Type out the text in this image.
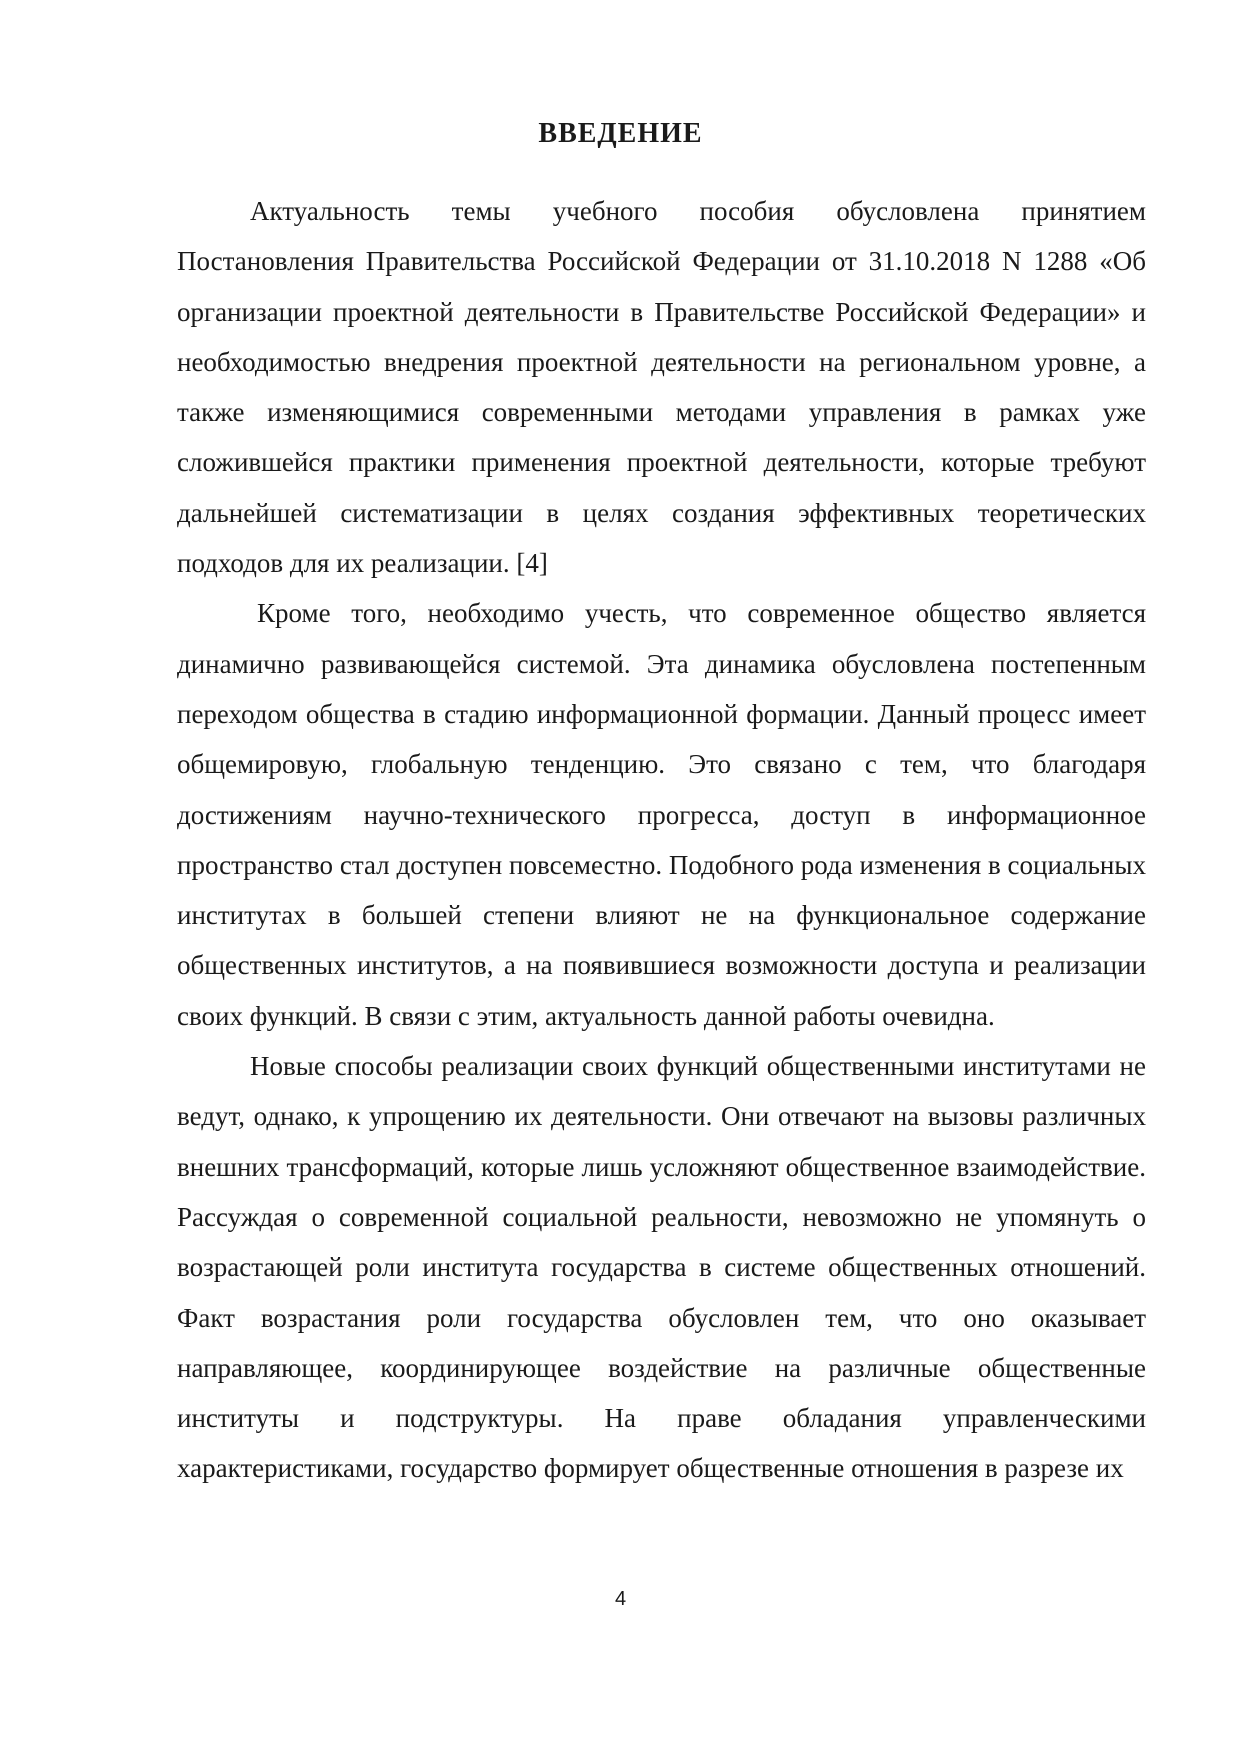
ВВЕДЕНИЕ

Актуальность темы учебного пособия обусловлена принятием Постановления Правительства Российской Федерации от 31.10.2018 N 1288 «Об организации проектной деятельности в Правительстве Российской Федерации» и необходимостью внедрения проектной деятельности на региональном уровне, а также изменяющимися современными методами управления в рамках уже сложившейся практики применения проектной деятельности, которые требуют дальнейшей систематизации в целях создания эффективных теоретических подходов для их реализации. [4]

Кроме того, необходимо учесть, что современное общество является динамично развивающейся системой. Эта динамика обусловлена постепенным переходом общества в стадию информационной формации. Данный процесс имеет общемировую, глобальную тенденцию. Это связано с тем, что благодаря достижениям научно-технического прогресса, доступ в информационное пространство стал доступен повсеместно. Подобного рода изменения в социальных институтах в большей степени влияют не на функциональное содержание общественных институтов, а на появившиеся возможности доступа и реализации своих функций. В связи с этим, актуальность данной работы очевидна.

Новые способы реализации своих функций общественными институтами не ведут, однако, к упрощению их деятельности. Они отвечают на вызовы различных внешних трансформаций, которые лишь усложняют общественное взаимодействие. Рассуждая о современной социальной реальности, невозможно не упомянуть о возрастающей роли института государства в системе общественных отношений. Факт возрастания роли государства обусловлен тем, что оно оказывает направляющее, координирующее воздействие на различные общественные институты и подструктуры. На праве обладания управленческими характеристиками, государство формирует общественные отношения в разрезе их

4
